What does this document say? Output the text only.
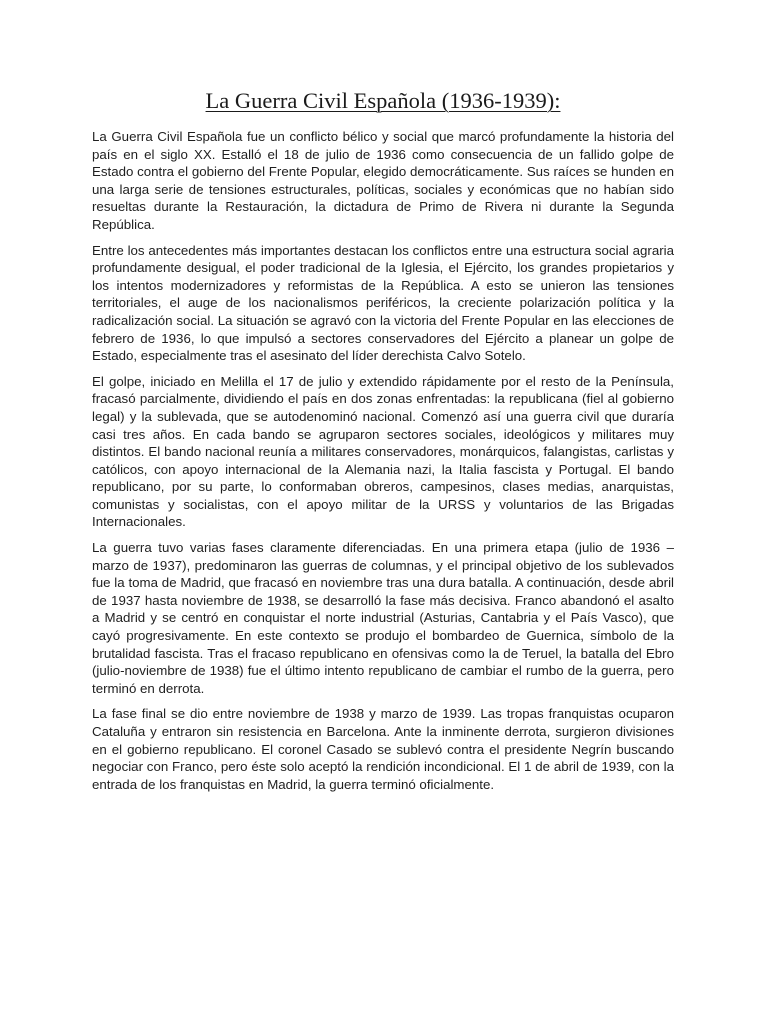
La Guerra Civil Española (1936-1939):

La Guerra Civil Española fue un conflicto bélico y social que marcó profundamente la historia del país en el siglo XX. Estalló el 18 de julio de 1936 como consecuencia de un fallido golpe de Estado contra el gobierno del Frente Popular, elegido democráticamente. Sus raíces se hunden en una larga serie de tensiones estructurales, políticas, sociales y económicas que no habían sido resueltas durante la Restauración, la dictadura de Primo de Rivera ni durante la Segunda República.

Entre los antecedentes más importantes destacan los conflictos entre una estructura social agraria profundamente desigual, el poder tradicional de la Iglesia, el Ejército, los grandes propietarios y los intentos modernizadores y reformistas de la República. A esto se unieron las tensiones territoriales, el auge de los nacionalismos periféricos, la creciente polarización política y la radicalización social. La situación se agravó con la victoria del Frente Popular en las elecciones de febrero de 1936, lo que impulsó a sectores conservadores del Ejército a planear un golpe de Estado, especialmente tras el asesinato del líder derechista Calvo Sotelo.

El golpe, iniciado en Melilla el 17 de julio y extendido rápidamente por el resto de la Península, fracasó parcialmente, dividiendo el país en dos zonas enfrentadas: la republicana (fiel al gobierno legal) y la sublevada, que se autodenominó nacional. Comenzó así una guerra civil que duraría casi tres años. En cada bando se agruparon sectores sociales, ideológicos y militares muy distintos. El bando nacional reunía a militares conservadores, monárquicos, falangistas, carlistas y católicos, con apoyo internacional de la Alemania nazi, la Italia fascista y Portugal. El bando republicano, por su parte, lo conformaban obreros, campesinos, clases medias, anarquistas, comunistas y socialistas, con el apoyo militar de la URSS y voluntarios de las Brigadas Internacionales.

La guerra tuvo varias fases claramente diferenciadas. En una primera etapa (julio de 1936 – marzo de 1937), predominaron las guerras de columnas, y el principal objetivo de los sublevados fue la toma de Madrid, que fracasó en noviembre tras una dura batalla. A continuación, desde abril de 1937 hasta noviembre de 1938, se desarrolló la fase más decisiva. Franco abandonó el asalto a Madrid y se centró en conquistar el norte industrial (Asturias, Cantabria y el País Vasco), que cayó progresivamente. En este contexto se produjo el bombardeo de Guernica, símbolo de la brutalidad fascista. Tras el fracaso republicano en ofensivas como la de Teruel, la batalla del Ebro (julio-noviembre de 1938) fue el último intento republicano de cambiar el rumbo de la guerra, pero terminó en derrota.

La fase final se dio entre noviembre de 1938 y marzo de 1939. Las tropas franquistas ocuparon Cataluña y entraron sin resistencia en Barcelona. Ante la inminente derrota, surgieron divisiones en el gobierno republicano. El coronel Casado se sublevó contra el presidente Negrín buscando negociar con Franco, pero éste solo aceptó la rendición incondicional. El 1 de abril de 1939, con la entrada de los franquistas en Madrid, la guerra terminó oficialmente.
